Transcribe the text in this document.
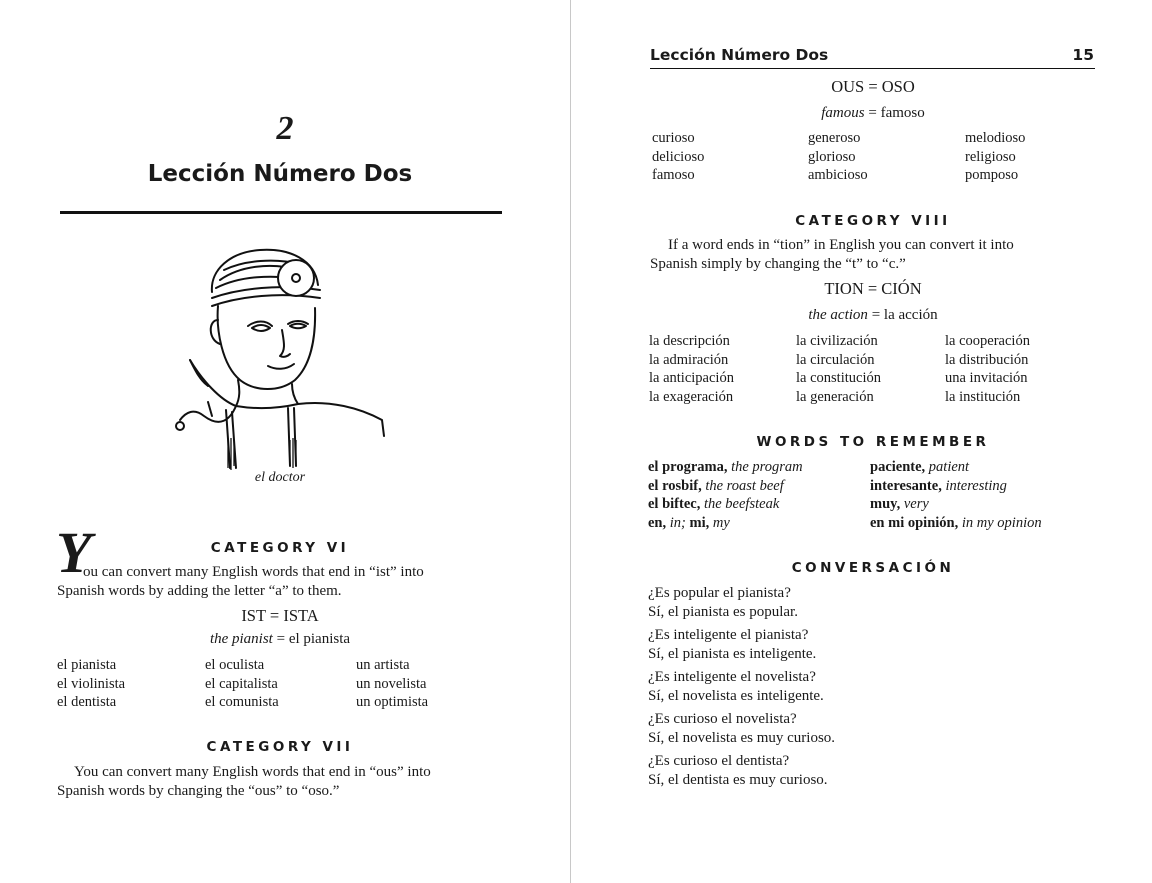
2
Lección Número Dos
el doctor
CATEGORY VI
Y
ou can convert many English words that end in “ist” into
Spanish words by adding the letter “a” to them.
IST = ISTA
the pianist = el pianista
el pianista
el violinista
el dentista
el oculista
el capitalista
el comunista
un artista
un novelista
un optimista
CATEGORY VII
You can convert many English words that end in “ous” into
Spanish words by changing the “ous” to “oso.”
Lección Número Dos	15
OUS = OSO
famous = famoso
curioso
delicioso
famoso
generoso
glorioso
ambicioso
melodioso
religioso
pomposo
CATEGORY VIII
If a word ends in “tion” in English you can convert it into
Spanish simply by changing the “t” to “c.”
TION = CIÓN
the action = la acción
la descripción
la admiración
la anticipación
la exageración
la civilización
la circulación
la constitución
la generación
la cooperación
la distribución
una invitación
la institución
WORDS TO REMEMBER
el programa, the program
el rosbif, the roast beef
el biftec, the beefsteak
en, in; mi, my
paciente, patient
interesante, interesting
muy, very
en mi opinión, in my opinion
CONVERSACIÓN
¿Es popular el pianista?
Sí, el pianista es popular.
¿Es inteligente el pianista?
Sí, el pianista es inteligente.
¿Es inteligente el novelista?
Sí, el novelista es inteligente.
¿Es curioso el novelista?
Sí, el novelista es muy curioso.
¿Es curioso el dentista?
Sí, el dentista es muy curioso.
